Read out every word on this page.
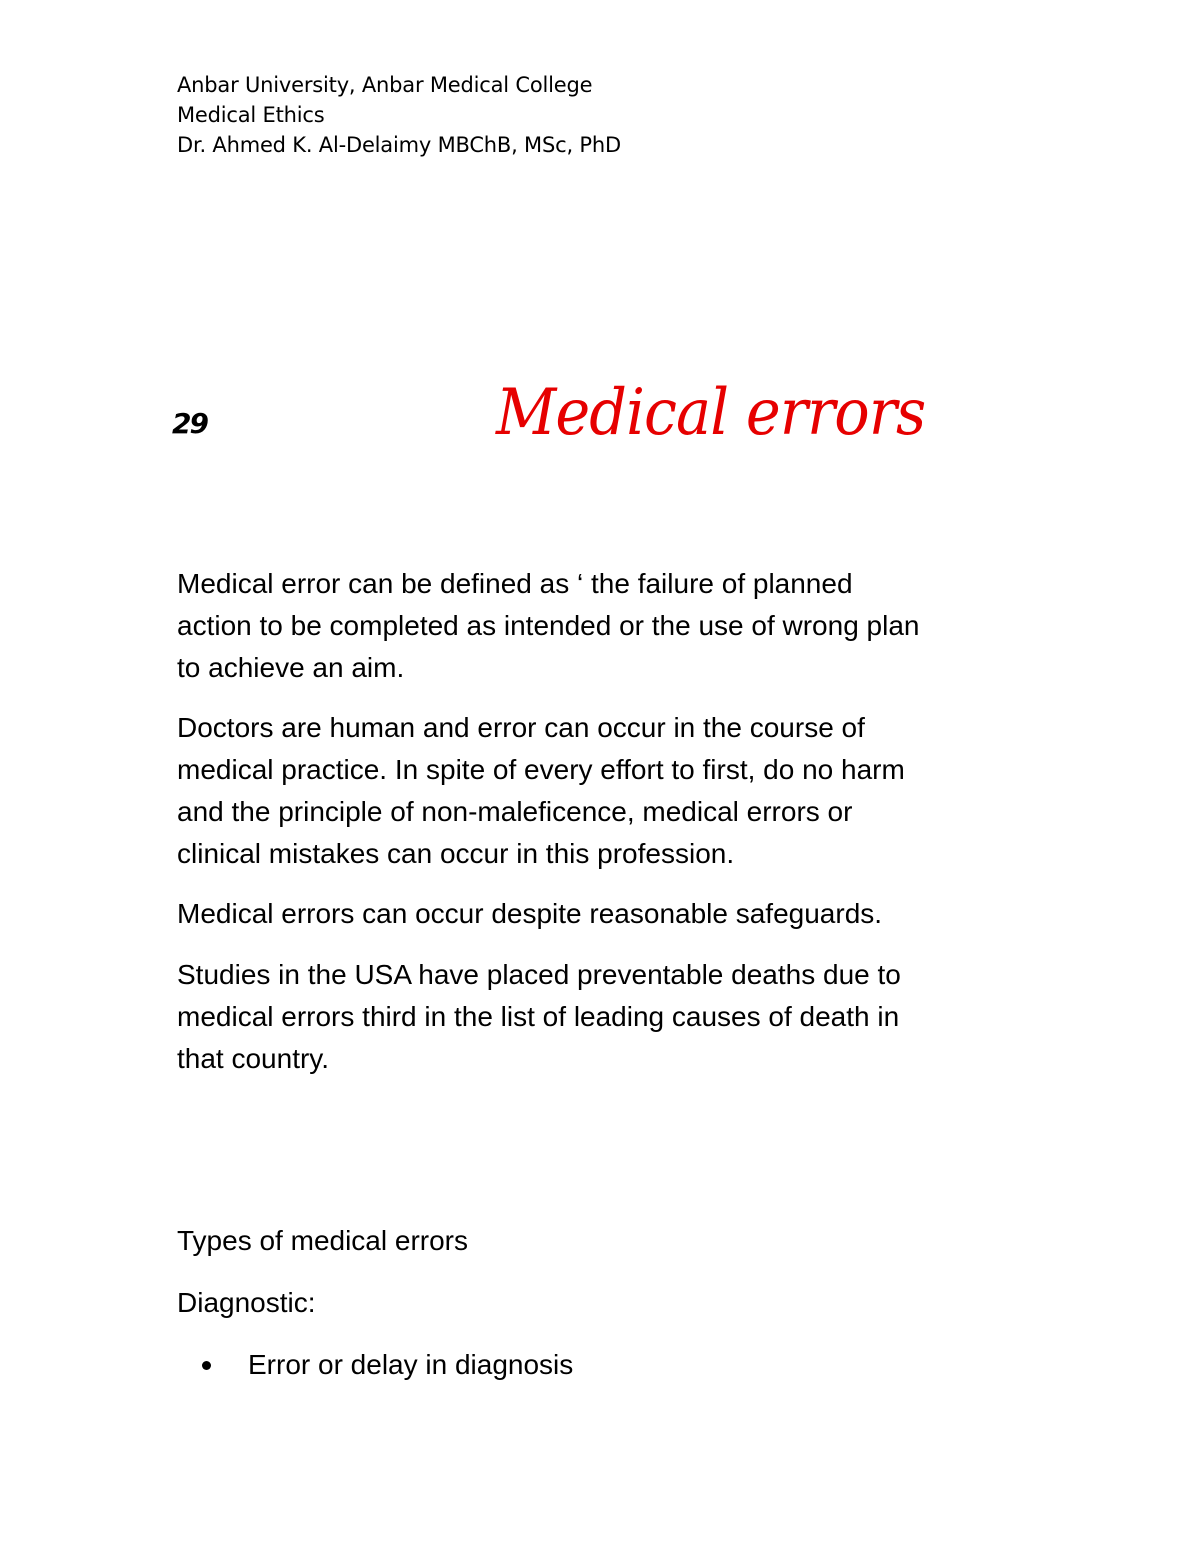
Anbar University, Anbar Medical College
Medical Ethics
Dr. Ahmed K. Al-Delaimy MBChB, MSc, PhD
29	Medical errors
Medical error can be defined as ‘ the failure of planned
action to be completed as intended or the use of wrong plan
to achieve an aim.
Doctors are human and error can occur in the course of
medical practice. In spite of every effort to first, do no harm
and the principle of non-maleficence, medical errors or
clinical mistakes can occur in this profession.
Medical errors can occur despite reasonable safeguards.
Studies in the USA have placed preventable deaths due to
medical errors third in the list of leading causes of death in
that country.
Types of medical errors
Diagnostic:
Error or delay in diagnosis
